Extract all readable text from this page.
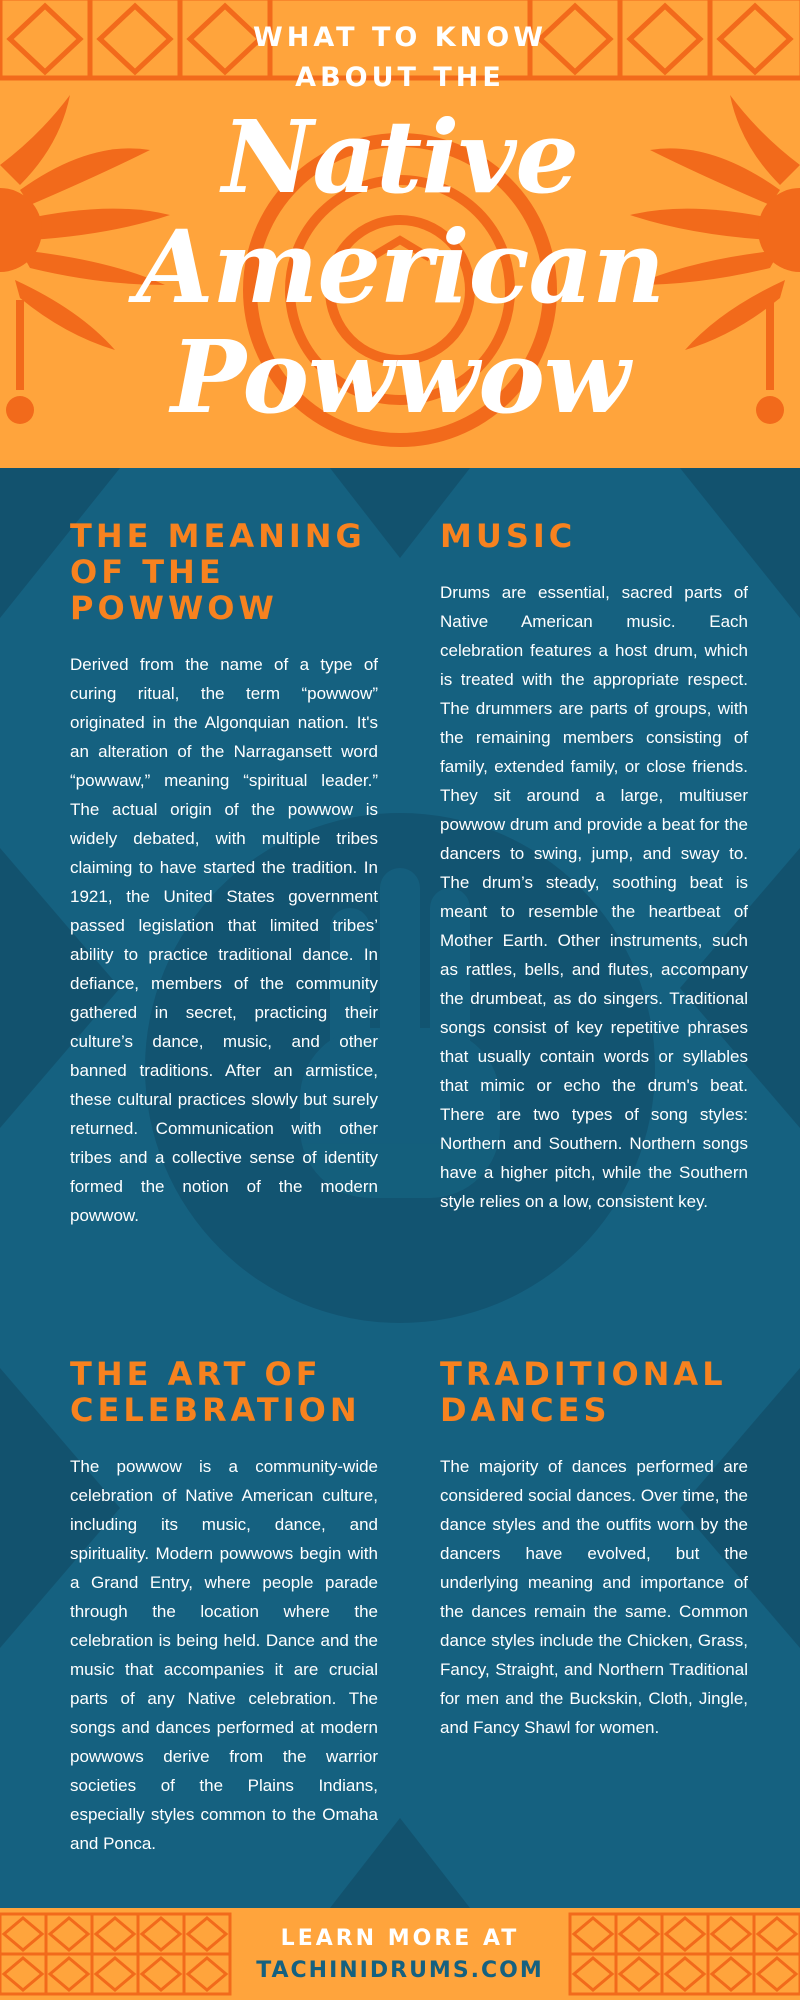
WHAT TO KNOW
ABOUT THE
Native
American
Powwow
THE MEANING OF THE POWWOW

Derived from the name of a type of curing ritual, the term “powwow” originated in the Algonquian nation. It's an alteration of the Narragansett word “powwaw,” meaning “spiritual leader.” The actual origin of the powwow is widely debated, with multiple tribes claiming to have started the tradition. In 1921, the United States government passed legislation that limited tribes’ ability to practice traditional dance. In defiance, members of the community gathered in secret, practicing their culture’s dance, music, and other banned traditions. After an armistice, these cultural practices slowly but surely returned. Communication with other tribes and a collective sense of identity formed the notion of the modern powwow.

MUSIC

Drums are essential, sacred parts of Native American music. Each celebration features a host drum, which is treated with the appropriate respect. The drummers are parts of groups, with the remaining members consisting of family, extended family, or close friends. They sit around a large, multiuser powwow drum and provide a beat for the dancers to swing, jump, and sway to. The drum’s steady, soothing beat is meant to resemble the heartbeat of Mother Earth. Other instruments, such as rattles, bells, and flutes, accompany the drumbeat, as do singers. Traditional songs consist of key repetitive phrases that usually contain words or syllables that mimic or echo the drum's beat. There are two types of song styles: Northern and Southern. Northern songs have a higher pitch, while the Southern style relies on a low, consistent key.

THE ART OF CELEBRATION

The powwow is a community-wide celebration of Native American culture, including its music, dance, and spirituality. Modern powwows begin with a Grand Entry, where people parade through the location where the celebration is being held. Dance and the music that accompanies it are crucial parts of any Native celebration. The songs and dances performed at modern powwows derive from the warrior societies of the Plains Indians, especially styles common to the Omaha and Ponca.

TRADITIONAL DANCES

The majority of dances performed are considered social dances. Over time, the dance styles and the outfits worn by the dancers have evolved, but the underlying meaning and importance of the dances remain the same. Common dance styles include the Chicken, Grass, Fancy, Straight, and Northern Traditional for men and the Buckskin, Cloth, Jingle, and Fancy Shawl for women.

LEARN MORE AT
TACHINIDRUMS.COM
